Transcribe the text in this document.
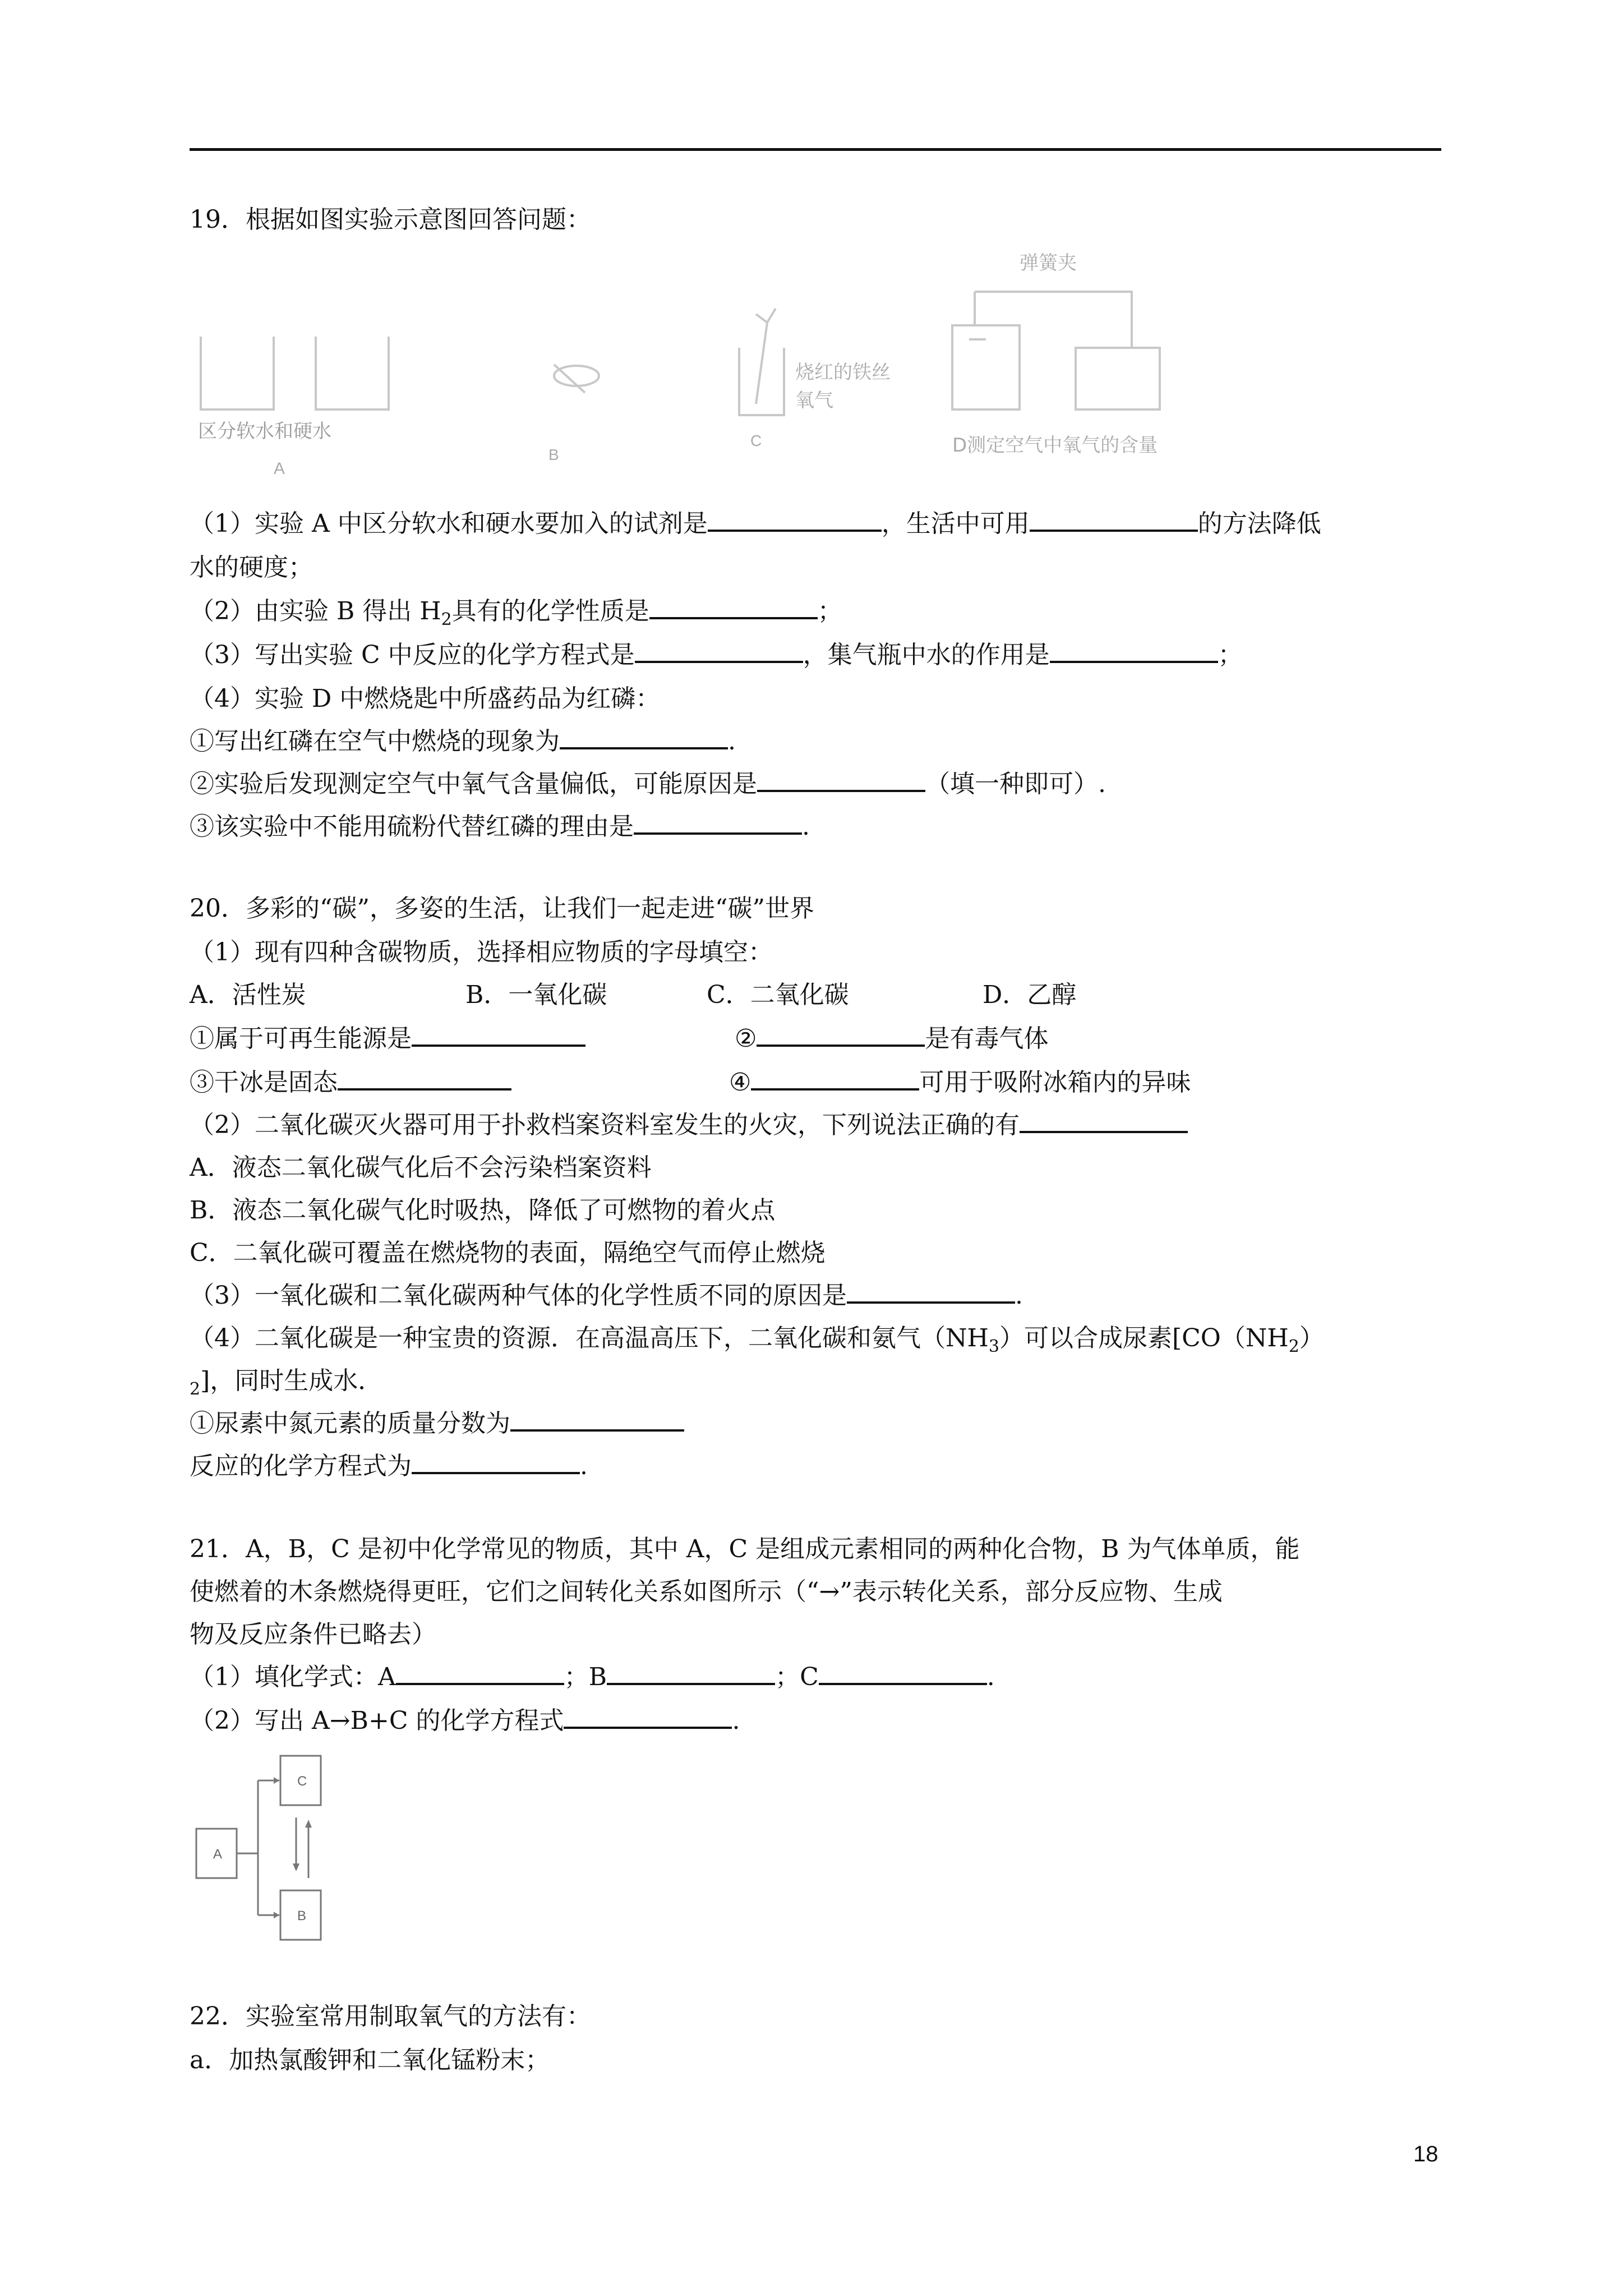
19．根据如图实验示意图回答问题：
区分软水和硬水
A
B
烧红的铁丝
氧气
C
弹簧夹
D测定空气中氧气的含量
（1）实验 A 中区分软水和硬水要加入的试剂是	，生活中可用	的方法降低
水的硬度；
（2）由实验 B 得出 $H_2$具有的化学性质是	；
（3）写出实验 C 中反应的化学方程式是	，集气瓶中水的作用是	；
（4）实验 D 中燃烧匙中所盛药品为红磷：
①写出红磷在空气中燃烧的现象为	.
②实验后发现测定空气中氧气含量偏低，可能原因是	（填一种即可）.
③该实验中不能用硫粉代替红磷的理由是	.
20．多彩的“碳”，多姿的生活，让我们一起走进“碳”世界
（1）现有四种含碳物质，选择相应物质的字母填空：
A．活性炭	B．一氧化碳	C．二氧化碳	D．乙醇
①属于可再生能源是	②	是有毒气体
③干冰是固态	④	可用于吸附冰箱内的异味
（2）二氧化碳灭火器可用于扑救档案资料室发生的火灾，下列说法正确的有
A．液态二氧化碳气化后不会污染档案资料
B．液态二氧化碳气化时吸热，降低了可燃物的着火点
C．二氧化碳可覆盖在燃烧物的表面，隔绝空气而停止燃烧
（3）一氧化碳和二氧化碳两种气体的化学性质不同的原因是	.
（4）二氧化碳是一种宝贵的资源．在高温高压下，二氧化碳和氨气$(NH_3)$可以合成尿素[$CO(NH_2)$
$_2$]，同时生成水．
①尿素中氮元素的质量分数为
反应的化学方程式为	.
21．A，B，C 是初中化学常见的物质，其中 A，C 是组成元素相同的两种化合物，B 为气体单质，能
使燃着的木条燃烧得更旺，它们之间转化关系如图所示（“→”表示转化关系，部分反应物、生成
物及反应条件已略去）
（1）填化学式：A	；B	；C	.
（2）写出 A→B+C 的化学方程式	.
C
A
B
22．实验室常用制取氧气的方法有：
a．加热氯酸钾和二氧化锰粉末；
18
